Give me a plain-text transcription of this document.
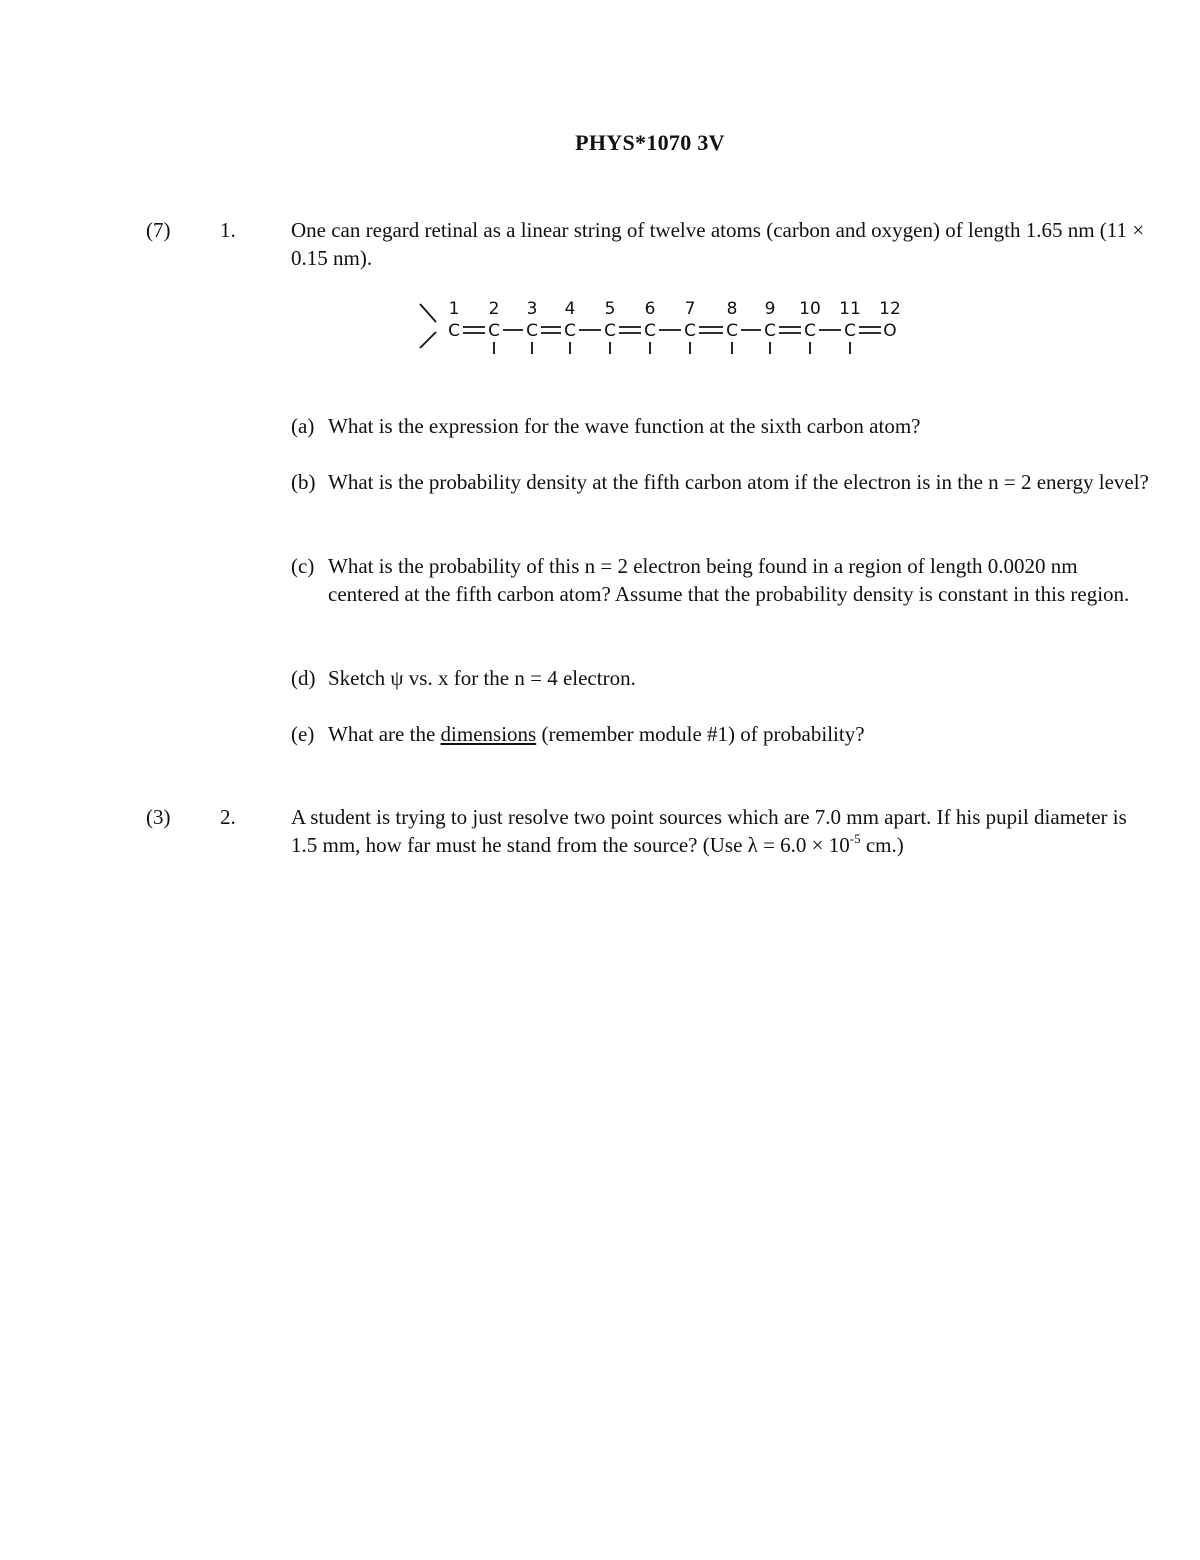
PHYS*1070 3V
(7) 1.	One can regard retinal as a linear string of twelve atoms (carbon and oxygen) of length 1.65 nm (11 × 0.15 nm).
1
C
2
C
3
C
4
C
5
C
6
C
7
C
8
C
9
C
10
C
11
C
12
O
(a) What is the expression for the wave function at the sixth carbon atom?
(b) What is the probability density at the fifth carbon atom if the electron is in the n = 2 energy level?
(c) What is the probability of this n = 2 electron being found in a region of length 0.0020 nm centered at the fifth carbon atom? Assume that the probability density is constant in this region.
(d) Sketch ψ vs. x for the n = 4 electron.
(e) What are the dimensions (remember module #1) of probability?
(3) 2.	A student is trying to just resolve two point sources which are 7.0 mm apart. If his pupil diameter is 1.5 mm, how far must he stand from the source? (Use $\lambda = 6.0 \times 10^{-5}$ cm.)
